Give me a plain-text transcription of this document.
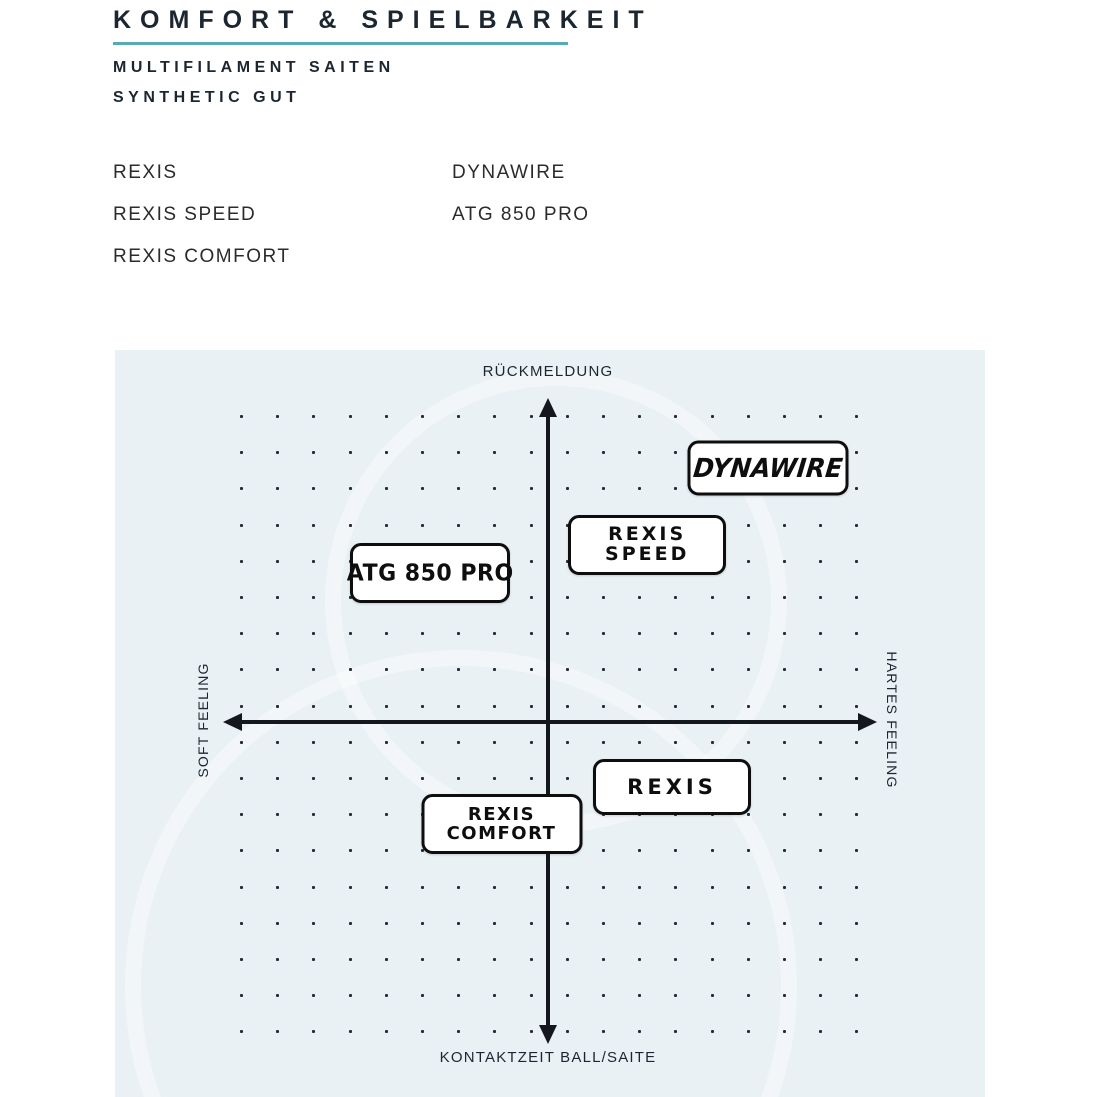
KOMFORT & SPIELBARKEIT
MULTIFILAMENT SAITEN
SYNTHETIC GUT
REXIS
REXIS SPEED
REXIS COMFORT
DYNAWIRE
ATG 850 PRO
RÜCKMELDUNG
KONTAKTZEIT BALL/SAITE
SOFT FEELING	HARTES FEELING
DYNAWIRE
REXIS
SPEED
ATG 850 PRO
REXIS
REXIS
COMFORT
